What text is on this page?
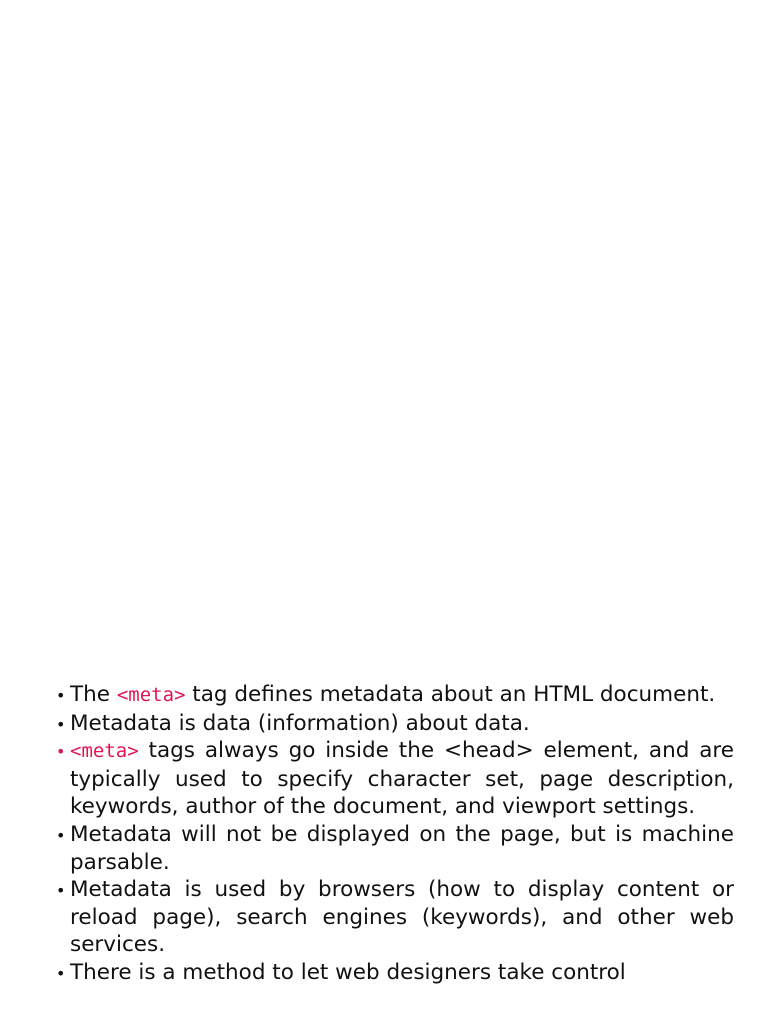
• The <meta> tag defines metadata about an HTML document.
• Metadata is data (information) about data.
• <meta> tags always go inside the <head> element, and are typically used to specify character set, page description, keywords, author of the document, and viewport settings.
• Metadata will not be displayed on the page, but is machine parsable.
• Metadata is used by browsers (how to display content or reload page), search engines (keywords), and other web services.
• There is a method to let web designers take control
